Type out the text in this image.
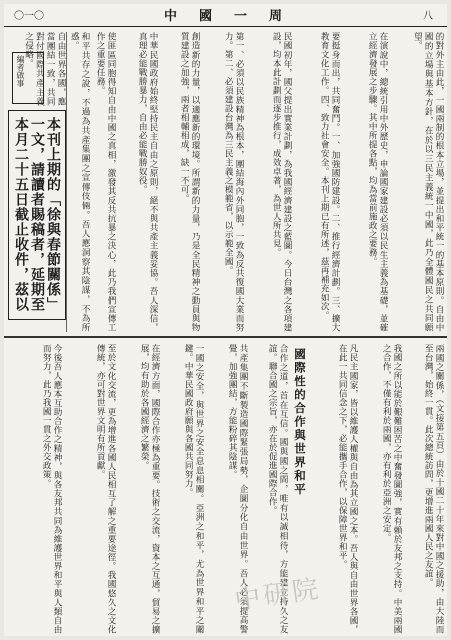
〇一〇	中國一周	八
的對外主由此，一國兩制的根本立場，並提出和平統一的基本原則。自由中國的立場與基本方針，在於以三民主義統一中國，此乃全體國民之共同願望。
在演說中，總統引用中外歷史，申論國家建設必須以民生主義為基礎，並確立經濟發展之步驟。其中所提各點，均為當前施政之要務。
要挺身而出，共同奮鬥。一、加強國防建設。二、推行經濟計劃。三、擴大教育文化工作。四、致力社會安全。本刊上期已有所述，茲再補充如次。
民國初年，國父提出實業計劃，為我國經濟建設之藍圖。今日台灣之各項建設，均本此計劃而逐步推行，成效卓著，為世人所共見。
第一、必須以民族精神為根本，團結海內外同胞，一致為反共復國大業而努力。第二、必須建設台灣為三民主義之模範省，以示範全國。
創造新的力量，以適應新的環境。所謂新的力量，乃是全民精神之動員與物質建設之加強，兩者相輔相成，缺一不可。
中華民國政府始終堅持民主自由之原則，絕不與共產主義妥協。吾人深信，真理必能戰勝暴力，自由必能戰勝奴役。
使匪區同胞得知自由中國之真相，激發其反共抗暴之決心，此乃我們宣傳工作之重要任務。
和平共存之說，不過為共產集團之宣傳伎倆。吾人應洞察其陰謀，不為所惑。
自由世界各國，應當團結一致，共同對付國際共產主義之侵略。
編者啟事
本刊上期的「徐與春節關係」一文，請讀者賜稿者，延期至本月二十五日截止收件，茲以
兩國之關係，（文接第五頁）由於十國二十年來對中國之援助，由大陸而至台灣，始終一貫。此次總統訪問，更增進兩國人民之友誼。
我國之所以能於艱難困苦之中奮發圖強，實有賴於友邦之支持。中美兩國之合作，不僅有利於兩國，亦有利於亞洲之安定。
凡民主國家，皆以維護人權與自由為其立國之本。吾人與自由世界各國，在此一共同信念之下，必能攜手合作，以保障世界和平。
國際性的合作與世界和平
合作之道，首在互信。國與國之間，唯有以誠相待，方能建立持久之友誼。聯合國之宗旨，亦在於促進國際合作。
共產集團不斷製造國際緊張局勢，企圖分化自由世界。吾人必須提高警覺，加強團結，方能粉碎其陰謀。
一國之安全，與世界之安全息息相關。亞洲之和平，尤為世界和平之關鍵。中華民國政府願與各國共同努力。
在經濟方面，國際合作亦極為重要。技術之交流，資本之互通，貿易之擴展，均有助於各國經濟之繁榮。
至於文化交流，更為增進各國人民相互了解之重要途徑。我國悠久之文化傳統，亦可對世界文明有所貢獻。
今後吾人應本互助合作之精神，與各友邦共同為維護世界和平與人類自由而努力，此乃我國一貫之外交政策。
中研院
